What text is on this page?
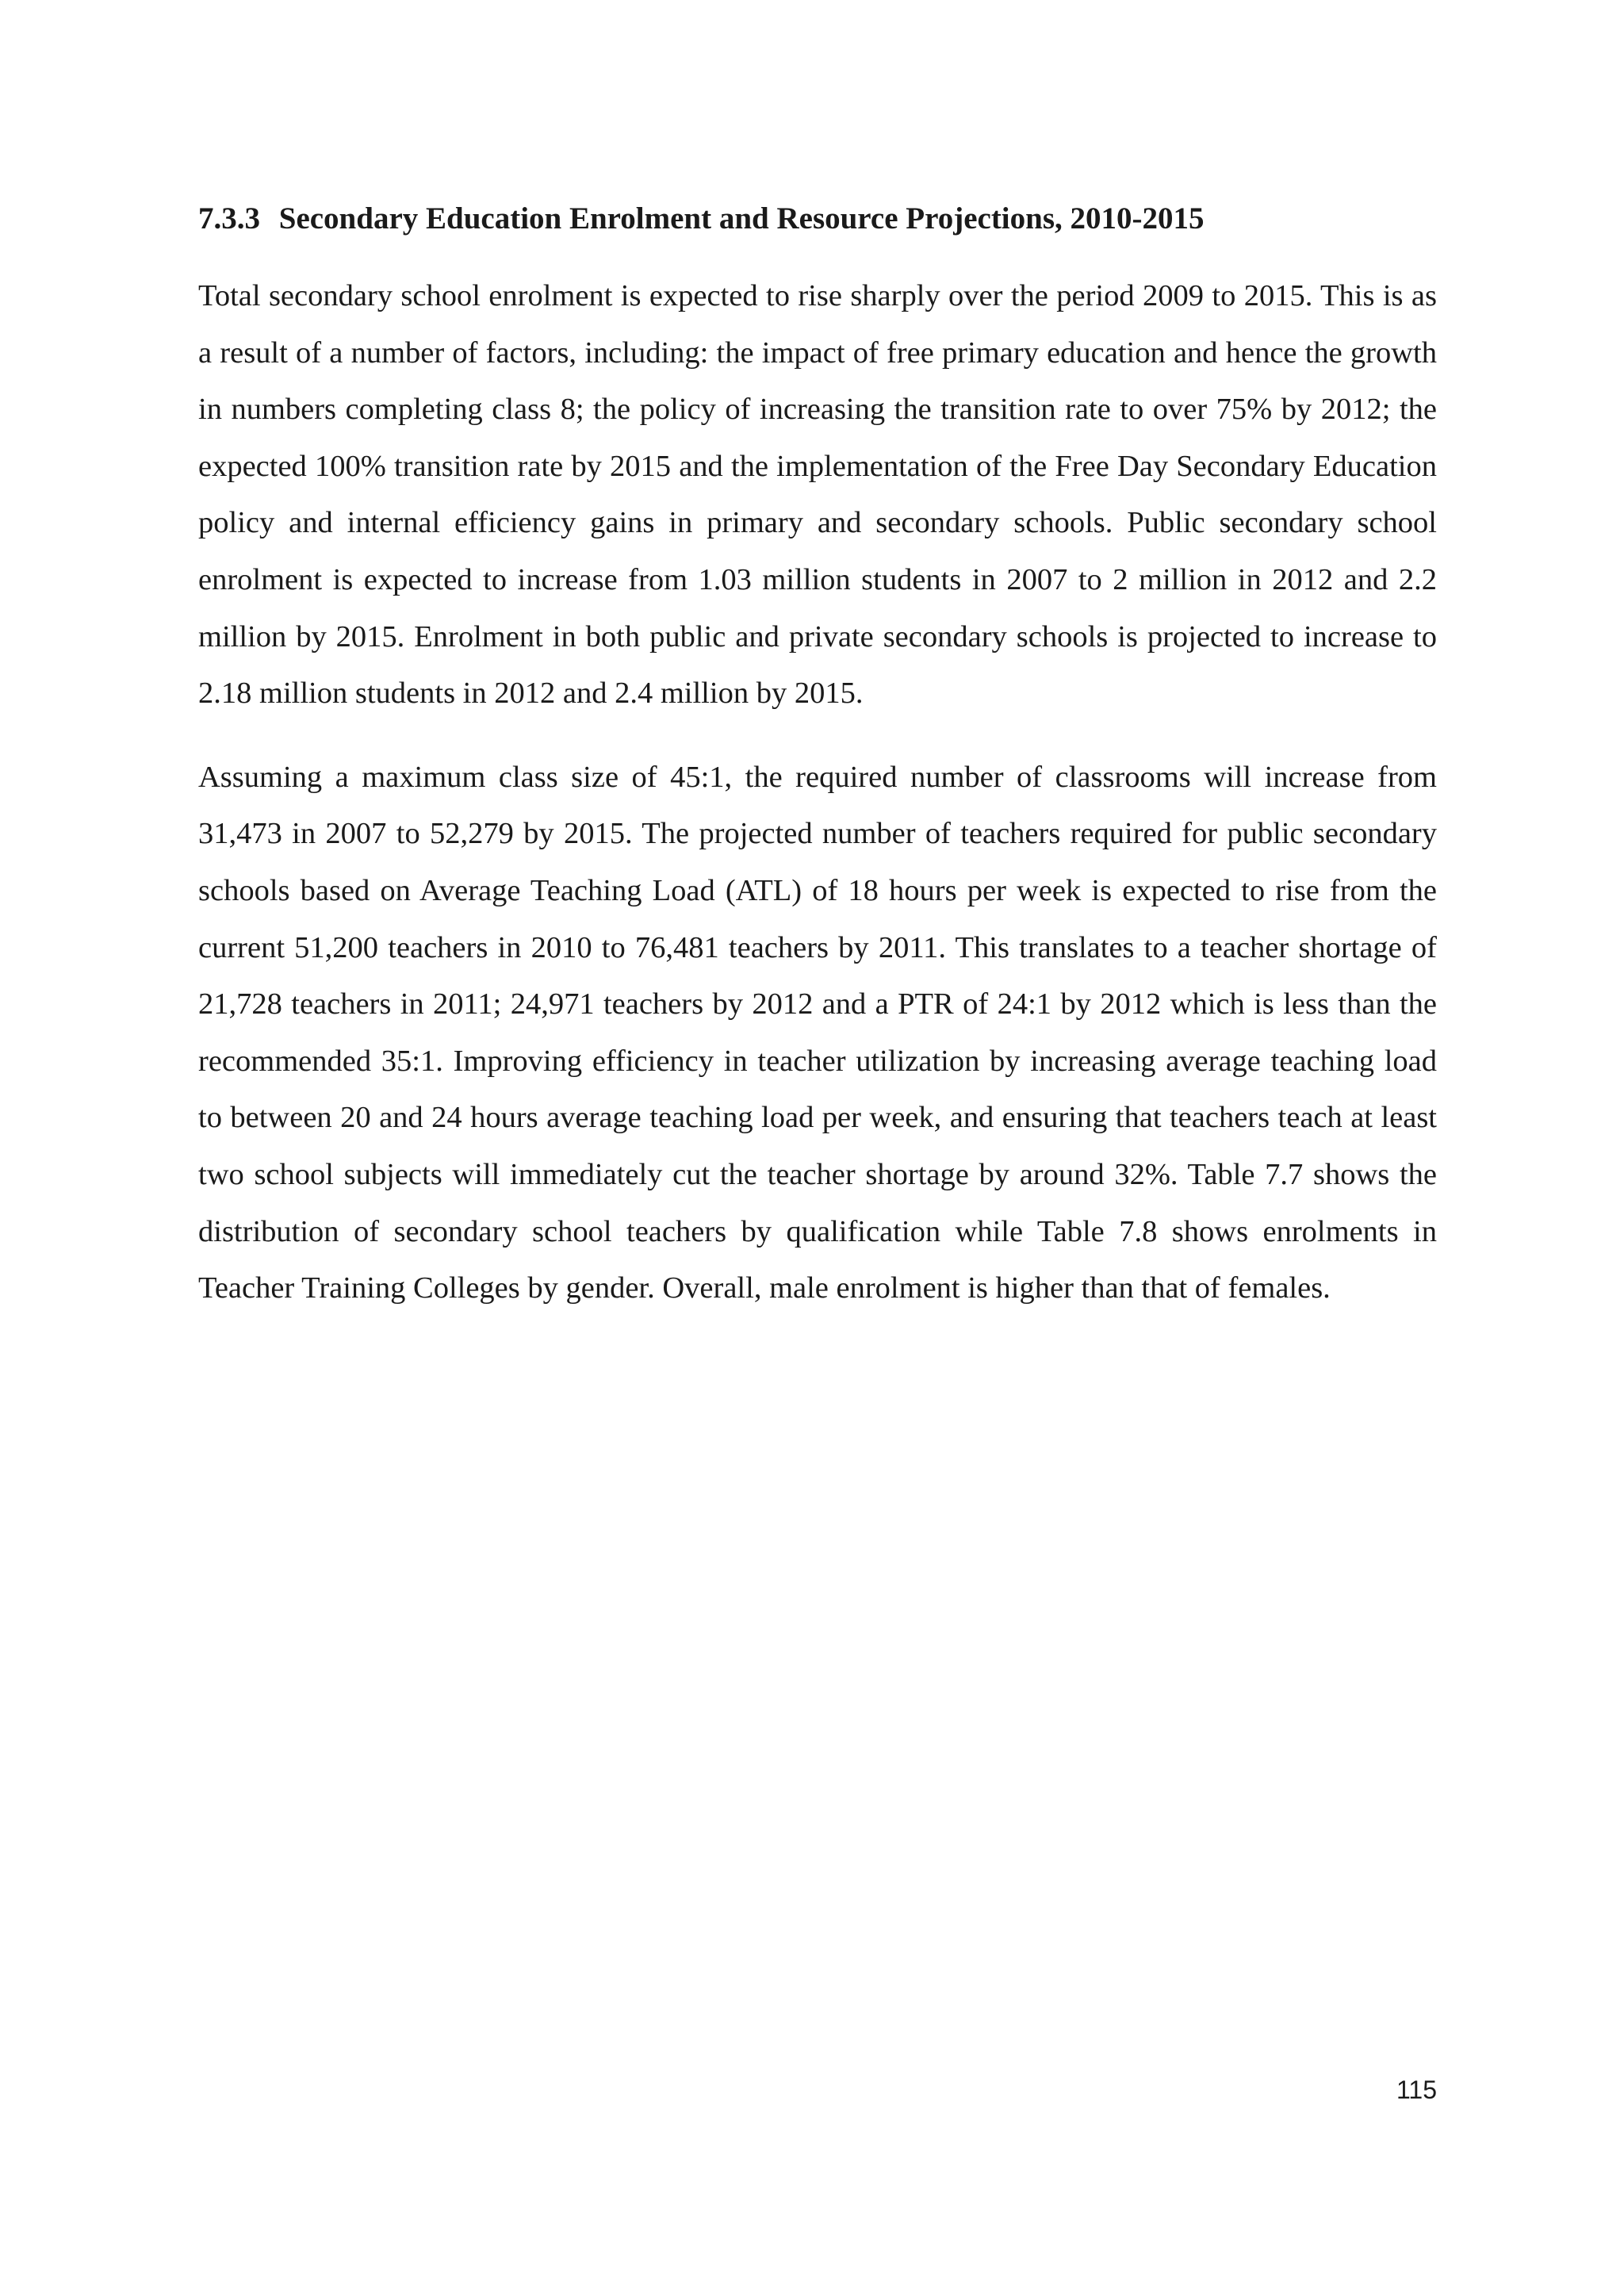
7.3.3 Secondary Education Enrolment and Resource Projections, 2010-2015

Total secondary school enrolment is expected to rise sharply over the period 2009 to 2015. This is as a result of a number of factors, including: the impact of free primary education and hence the growth in numbers completing class 8; the policy of increasing the transition rate to over 75% by 2012; the expected 100% transition rate by 2015 and the implementation of the Free Day Secondary Education policy and internal efficiency gains in primary and secondary schools. Public secondary school enrolment is expected to increase from 1.03 million students in 2007 to 2 million in 2012 and 2.2 million by 2015. Enrolment in both public and private secondary schools is projected to increase to 2.18 million students in 2012 and 2.4 million by 2015.

Assuming a maximum class size of 45:1, the required number of classrooms will increase from 31,473 in 2007 to 52,279 by 2015. The projected number of teachers required for public secondary schools based on Average Teaching Load (ATL) of 18 hours per week is expected to rise from the current 51,200 teachers in 2010 to 76,481 teachers by 2011. This translates to a teacher shortage of 21,728 teachers in 2011; 24,971 teachers by 2012 and a PTR of 24:1 by 2012 which is less than the recommended 35:1. Improving efficiency in teacher utilization by increasing average teaching load to between 20 and 24 hours average teaching load per week, and ensuring that teachers teach at least two school subjects will immediately cut the teacher shortage by around 32%. Table 7.7 shows the distribution of secondary school teachers by qualification while Table 7.8 shows enrolments in Teacher Training Colleges by gender. Overall, male enrolment is higher than that of females.

115
